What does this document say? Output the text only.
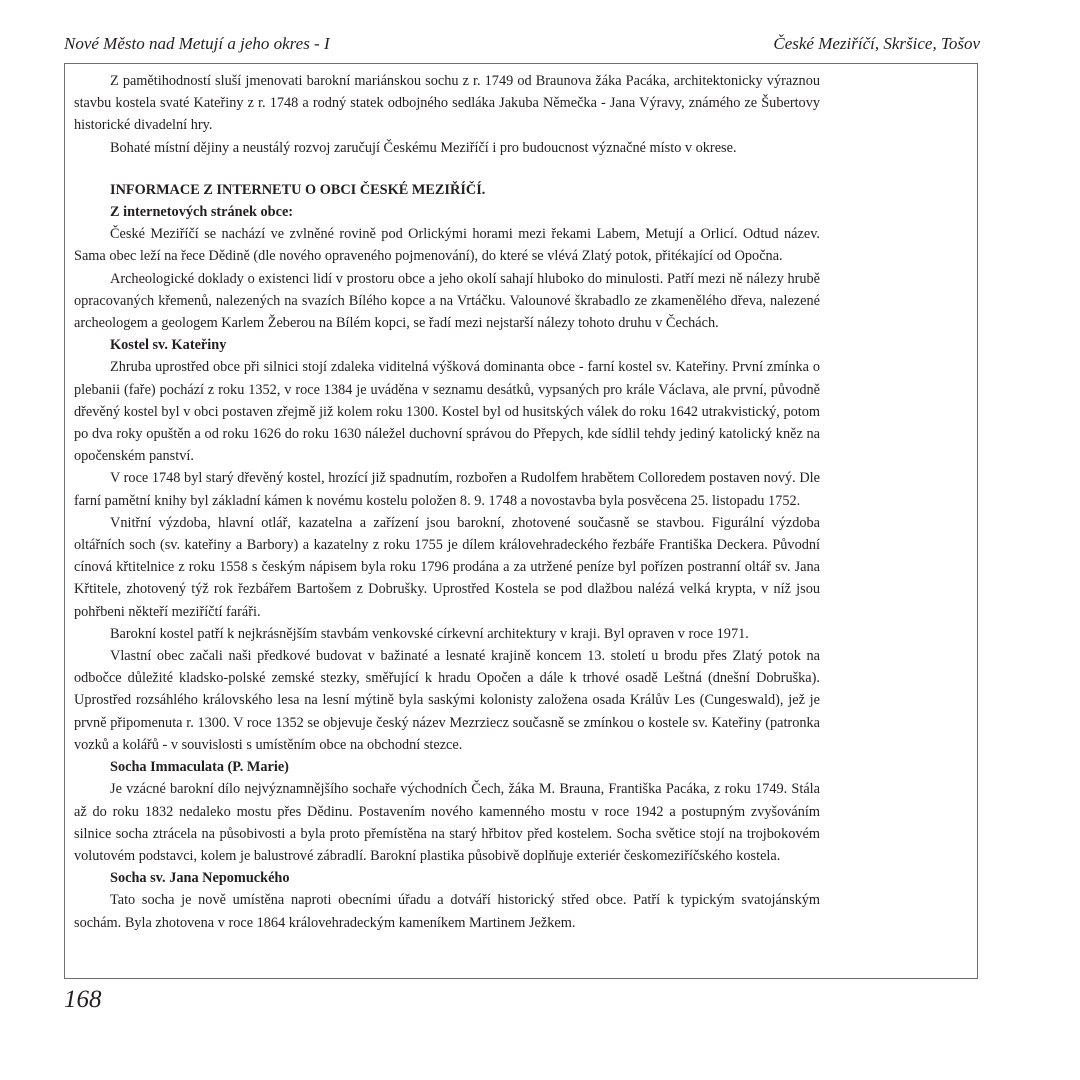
Nové Město nad Metují a jeho okres - I	České Meziříčí, Skršice, Tošov

Z pamětihodností sluší jmenovati barokní mariánskou sochu z r. 1749 od Braunova žáka Pacáka, architektonicky výraznou stavbu kostela svaté Kateřiny z r. 1748 a rodný statek odbojného sedláka Jakuba Němečka - Jana Výravy, známého ze Šubertovy historické divadelní hry.

Bohaté místní dějiny a neustálý rozvoj zaručují Českému Meziříčí i pro budoucnost význačné místo v okrese.

INFORMACE Z INTERNETU O OBCI ČESKÉ MEZIŘÍČÍ.

Z internetových stránek obce:

České Meziříčí se nachází ve zvlněné rovině pod Orlickými horami mezi řekami Labem, Metují a Orlicí. Odtud název. Sama obec leží na řece Dědině (dle nového opraveného pojmenování), do které se vlévá Zlatý potok, přitékající od Opočna.

Archeologické doklady o existenci lidí v prostoru obce a jeho okolí sahají hluboko do minulosti. Patří mezi ně nálezy hrubě opracovaných křemenů, nalezených na svazích Bílého kopce a na Vrtáčku. Valounové škrabadlo ze zkamenělého dřeva, nalezené archeologem a geologem Karlem Žeberou na Bílém kopci, se řadí mezi nejstarší nálezy tohoto druhu v Čechách.

Kostel sv. Kateřiny

Zhruba uprostřed obce při silnici stojí zdaleka viditelná výšková dominanta obce - farní kostel sv. Kateřiny. První zmínka o plebanii (faře) pochází z roku 1352, v roce 1384 je uváděna v seznamu desátků, vypsaných pro krále Václava, ale první, původně dřevěný kostel byl v obci postaven zřejmě již kolem roku 1300. Kostel byl od husitských válek do roku 1642 utrakvistický, potom po dva roky opuštěn a od roku 1626 do roku 1630 náležel duchovní správou do Přepych, kde sídlil tehdy jediný katolický kněz na opočenském panství.

V roce 1748 byl starý dřevěný kostel, hrozící již spadnutím, rozbořen a Rudolfem hrabětem Colloredem postaven nový. Dle farní pamětní knihy byl základní kámen k novému kostelu položen 8. 9. 1748 a novostavba byla posvěcena 25. listopadu 1752.

Vnitřní výzdoba, hlavní otlář, kazatelna a zařízení jsou barokní, zhotovené současně se stavbou. Figurální výzdoba oltářních soch (sv. kateřiny a Barbory) a kazatelny z roku 1755 je dílem královehradeckého řezbáře Františka Deckera. Původní cínová křtitelnice z roku 1558 s českým nápisem byla roku 1796 prodána a za utržené peníze byl pořízen postranní oltář sv. Jana Křtitele, zhotovený týž rok řezbářem Bartošem z Dobrušky. Uprostřed Kostela se pod dlažbou nalézá velká krypta, v níž jsou pohřbeni někteří meziříčtí faráři.

Barokní kostel patří k nejkrásnějším stavbám venkovské církevní architektury v kraji. Byl opraven v roce 1971.

Vlastní obec začali naši předkové budovat v bažinaté a lesnaté krajině koncem 13. století u brodu přes Zlatý potok na odbočce důležité kladsko-polské zemské stezky, směřující k hradu Opočen a dále k trhové osadě Leštná (dnešní Dobruška). Uprostřed rozsáhlého královského lesa na lesní mýtině byla saskými kolonisty založena osada Králův Les (Cungeswald), jež je prvně připomenuta r. 1300. V roce 1352 se objevuje český název Mezrziecz současně se zmínkou o kostele sv. Kateřiny (patronka vozků a kolářů - v souvislosti s umístěním obce na obchodní stezce.

Socha Immaculata (P. Marie)

Je vzácné barokní dílo nejvýznamnějšího sochaře východních Čech, žáka M. Brauna, Františka Pacáka, z roku 1749. Stála až do roku 1832 nedaleko mostu přes Dědinu. Postavením nového kamenného mostu v roce 1942 a postupným zvyšováním silnice socha ztrácela na působivosti a byla proto přemístěna na starý hřbitov před kostelem. Socha světice stojí na trojbokovém volutovém podstavci, kolem je balustrové zábradlí. Barokní plastika působivě doplňuje exteriér českomeziříčského kostela.

Socha sv. Jana Nepomuckého

Tato socha je nově umístěna naproti obecními úřadu a dotváří historický střed obce. Patří k typickým svatojánským sochám. Byla zhotovena v roce 1864 královehradeckým kameníkem Martinem Ježkem.

168
